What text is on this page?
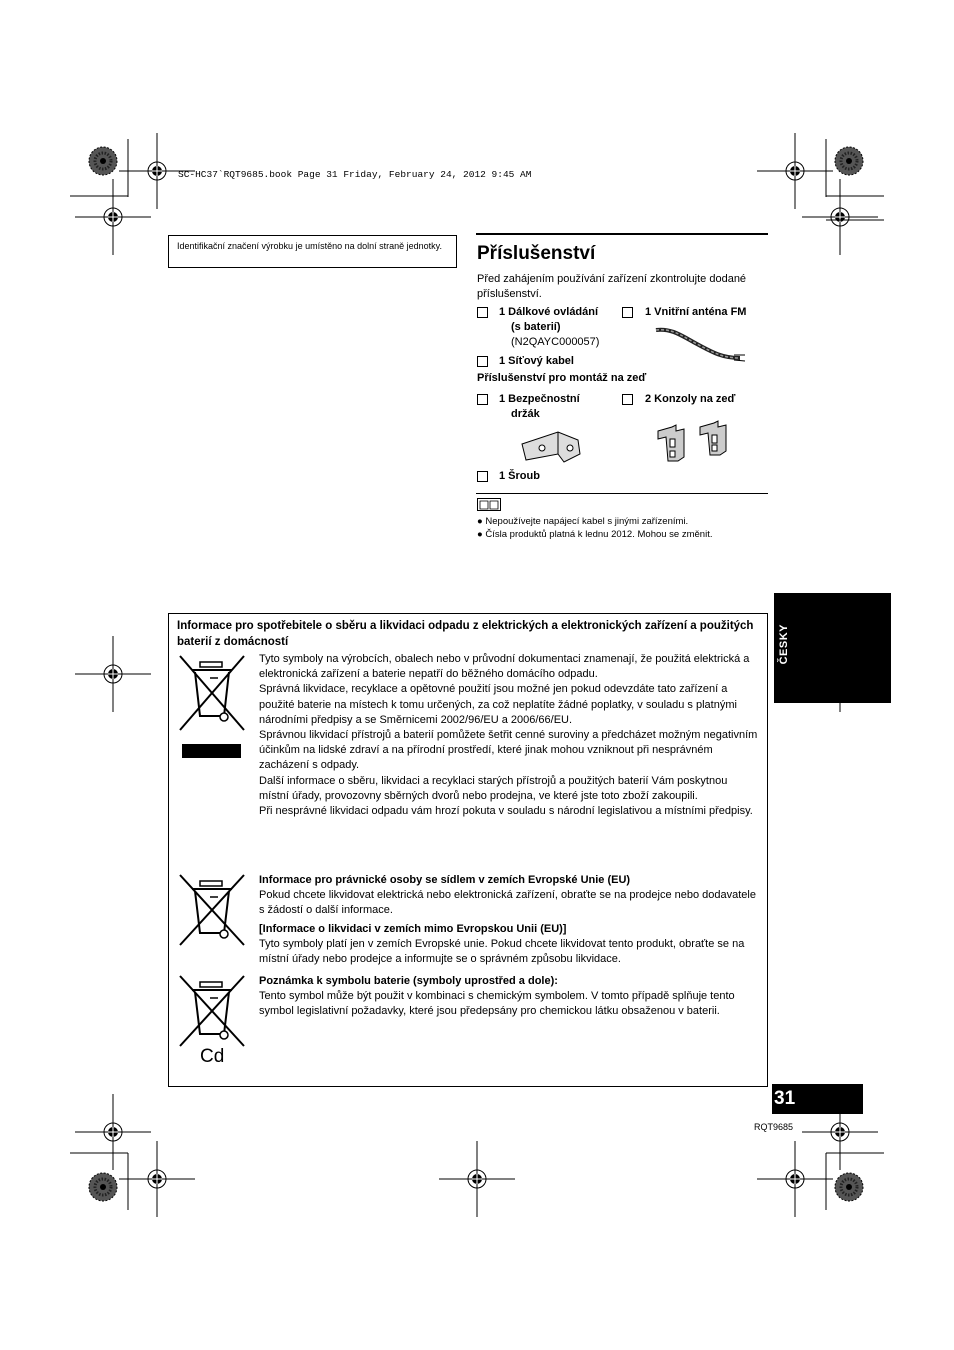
SC-HC37`RQT9685.book Page 31 Friday, February 24, 2012 9:45 AM
Identifikační značení výrobku je umístěno na dolní straně jednotky.	Příslušenství
Před zahájením používání zařízení zkontrolujte dodané příslušenství.
1 Dálkové ovládání
(s baterií)
(N2QAYC000057)
1 Vnitřní anténa FM
1 Síťový kabel
Příslušenství pro montáž na zeď
1 Bezpečnostní
držák
2 Konzoly na zeď
1 Šroub
● Nepoužívejte napájecí kabel s jinými zařízeními.
● Čísla produktů platná k lednu 2012. Mohou se změnit.
ČESKY
Informace pro spotřebitele o sběru a likvidaci odpadu z elektrických a elektronických zařízení a použitých baterií z domácností
Tyto symboly na výrobcích, obalech nebo v průvodní dokumentaci znamenají, že použitá elektrická a elektronická zařízení a baterie nepatří do běžného domácího odpadu.
Správná likvidace, recyklace a opětovné použití jsou možné jen pokud odevzdáte tato zařízení a použité baterie na místech k tomu určených, za což neplatíte žádné poplatky, v souladu s platnými národními předpisy a se Směrnicemi 2002/96/EU a 2006/66/EU.
Správnou likvidací přístrojů a baterií pomůžete šetřit cenné suroviny a předcházet možným negativním účinkům na lidské zdraví a na přírodní prostředí, které jinak mohou vzniknout při nesprávném zacházení s odpady.
Další informace o sběru, likvidaci a recyklaci starých přístrojů a použitých baterií Vám poskytnou místní úřady, provozovny sběrných dvorů nebo prodejna, ve které jste toto zboží zakoupili.
Při nesprávné likvidaci odpadu vám hrozí pokuta v souladu s národní legislativou a místními předpisy.
Informace pro právnické osoby se sídlem v zemích Evropské Unie (EU)
Pokud chcete likvidovat elektrická nebo elektronická zařízení, obraťte se na prodejce nebo dodavatele s žádostí o další informace.
[Informace o likvidaci v zemích mimo Evropskou Unii (EU)]
Tyto symboly platí jen v zemích Evropské unie. Pokud chcete likvidovat tento produkt, obraťte se na místní úřady nebo prodejce a informujte se o správném způsobu likvidace.
Cd
Poznámka k symbolu baterie (symboly uprostřed a dole):
Tento symbol může být použit v kombinaci s chemickým symbolem. V tomto případě splňuje tento symbol legislativní požadavky, které jsou předepsány pro chemickou látku obsaženou v baterii.
31
RQT9685
